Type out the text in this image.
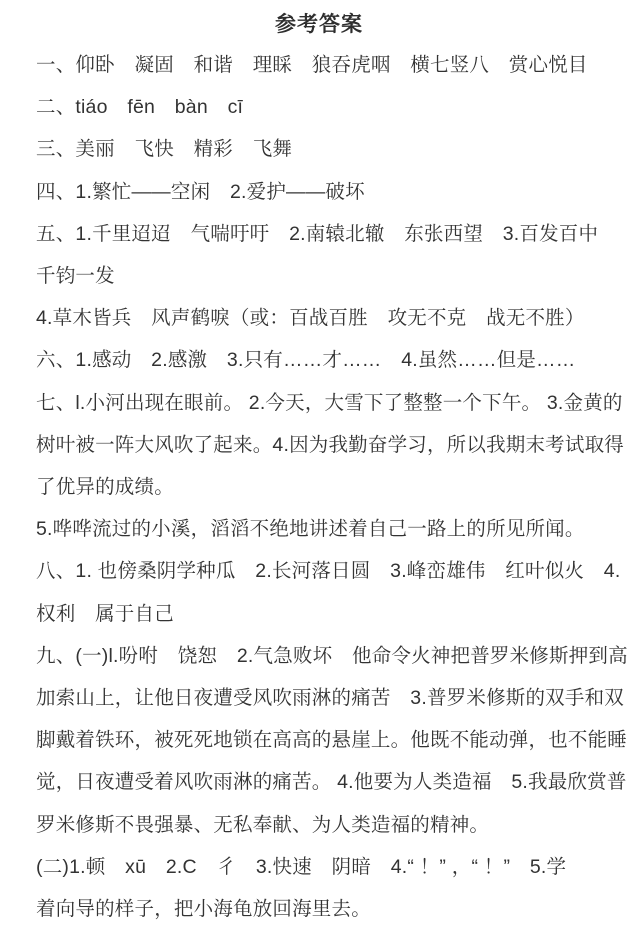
参考答案
一、仰卧　凝固　和谐　理睬　狼吞虎咽　横七竖八　赏心悦目
二、tiáo　fēn　bàn　cī
三、美丽　飞快　精彩　飞舞
四、1.繁忙——空闲　2.爱护——破坏
五、1.千里迢迢　气喘吁吁　2.南辕北辙　东张西望　3.百发百中
千钧一发
4.草木皆兵　风声鹤唳（或：百战百胜　攻无不克　战无不胜）
六、1.感动　2.感激　3.只有……才……　4.虽然……但是……
七、l.小河出现在眼前。 2.今天，大雪下了整整一个下午。 3.金黄的
树叶被一阵大风吹了起来。4.因为我勤奋学习，所以我期末考试取得
了优异的成绩。
5.哗哗流过的小溪，滔滔不绝地讲述着自己一路上的所见所闻。
八、1. 也傍桑阴学种瓜　2.长河落日圆　3.峰峦雄伟　红叶似火　4.
权利　属于自己
九、(一)l.吩咐　饶恕　2.气急败坏　他命令火神把普罗米修斯押到高
加索山上，让他日夜遭受风吹雨淋的痛苦　3.普罗米修斯的双手和双
脚戴着铁环，被死死地锁在高高的悬崖上。他既不能动弹，也不能睡
觉，日夜遭受着风吹雨淋的痛苦。 4.他要为人类造福　5.我最欣赏普
罗米修斯不畏强暴、无私奉献、为人类造福的精神。
(二)1.顿　xū　2.C　彳　3.快速　阴暗　4.“ ！” ，“ ！”　5.学
着向导的样子，把小海龟放回海里去。
